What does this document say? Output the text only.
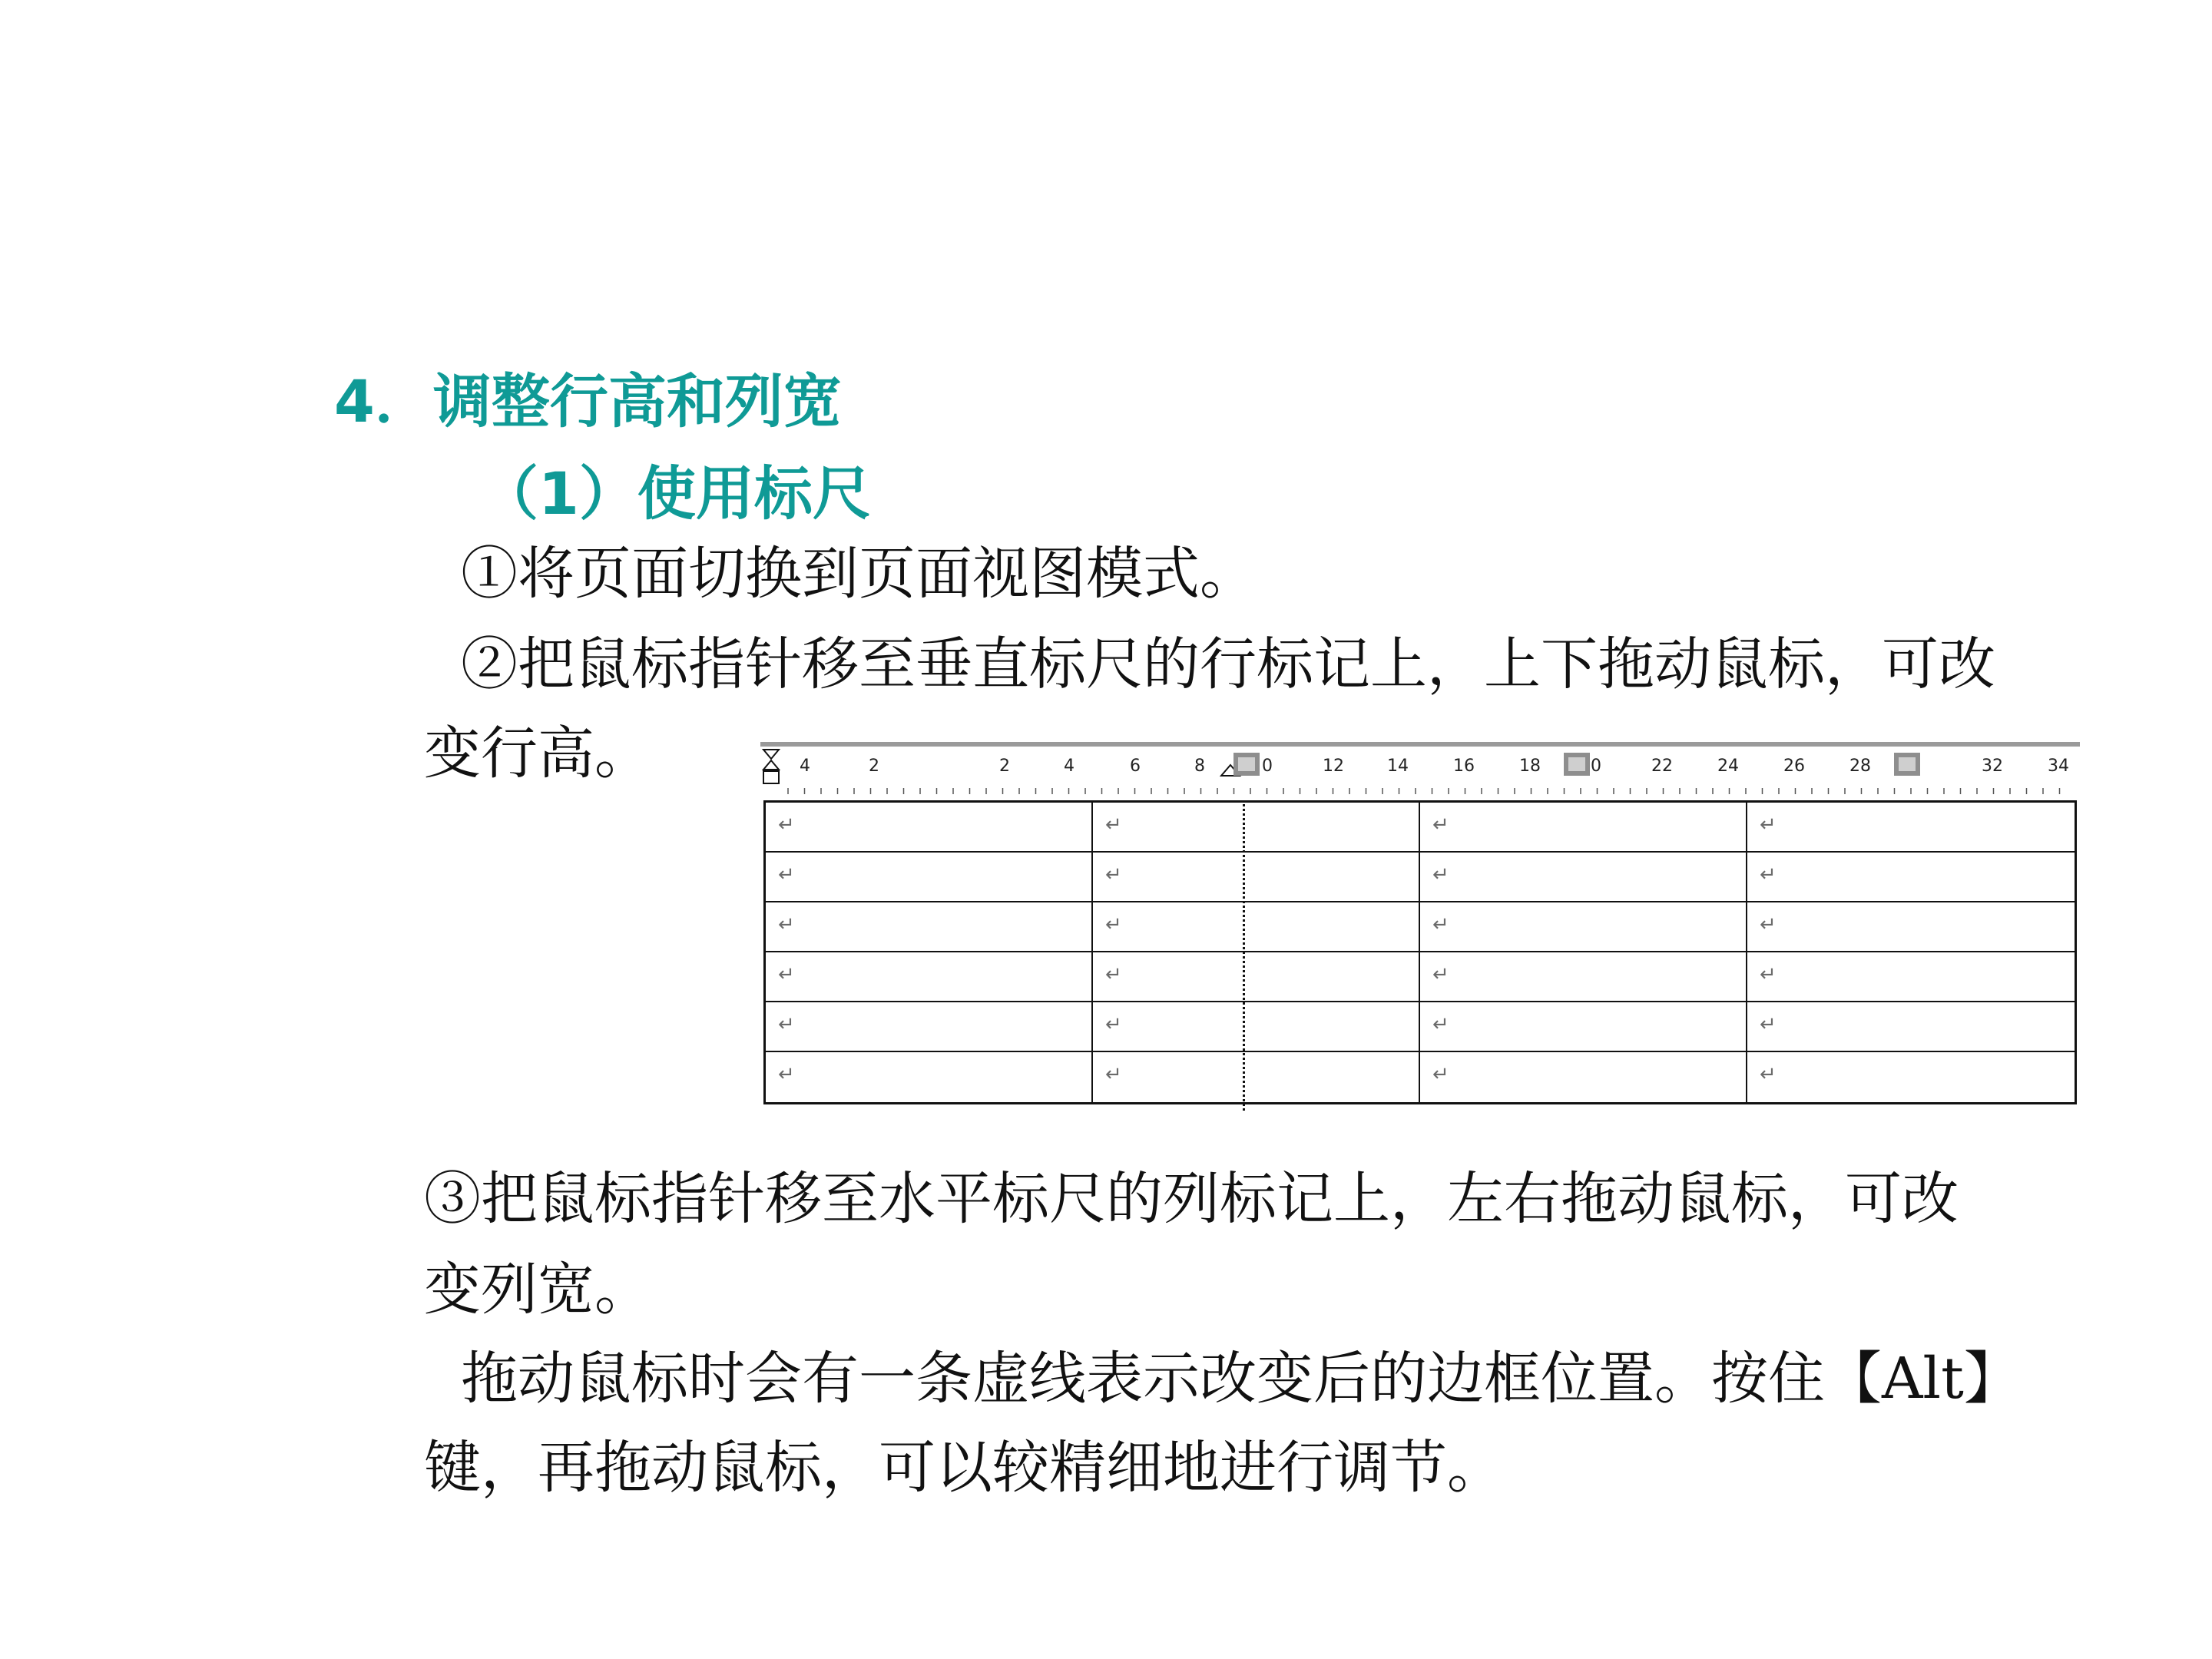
4．调整行高和列宽
（1）使用标尺
①将页面切换到页面视图模式。
②把鼠标指针移至垂直标尺的行标记上，上下拖动鼠标，可改
变行高。	4	2	2	4	6	8	0	12	14	16	18	0	22	24	26	28	32	34
↵	↵	↵	↵
↵	↵	↵	↵
↵	↵	↵	↵
↵	↵	↵	↵
↵	↵	↵	↵
↵	↵	↵	↵
③把鼠标指针移至水平标尺的列标记上，左右拖动鼠标，可改
变列宽。
拖动鼠标时会有一条虚线表示改变后的边框位置。按住【Alt】
键，再拖动鼠标，可以较精细地进行调节。
